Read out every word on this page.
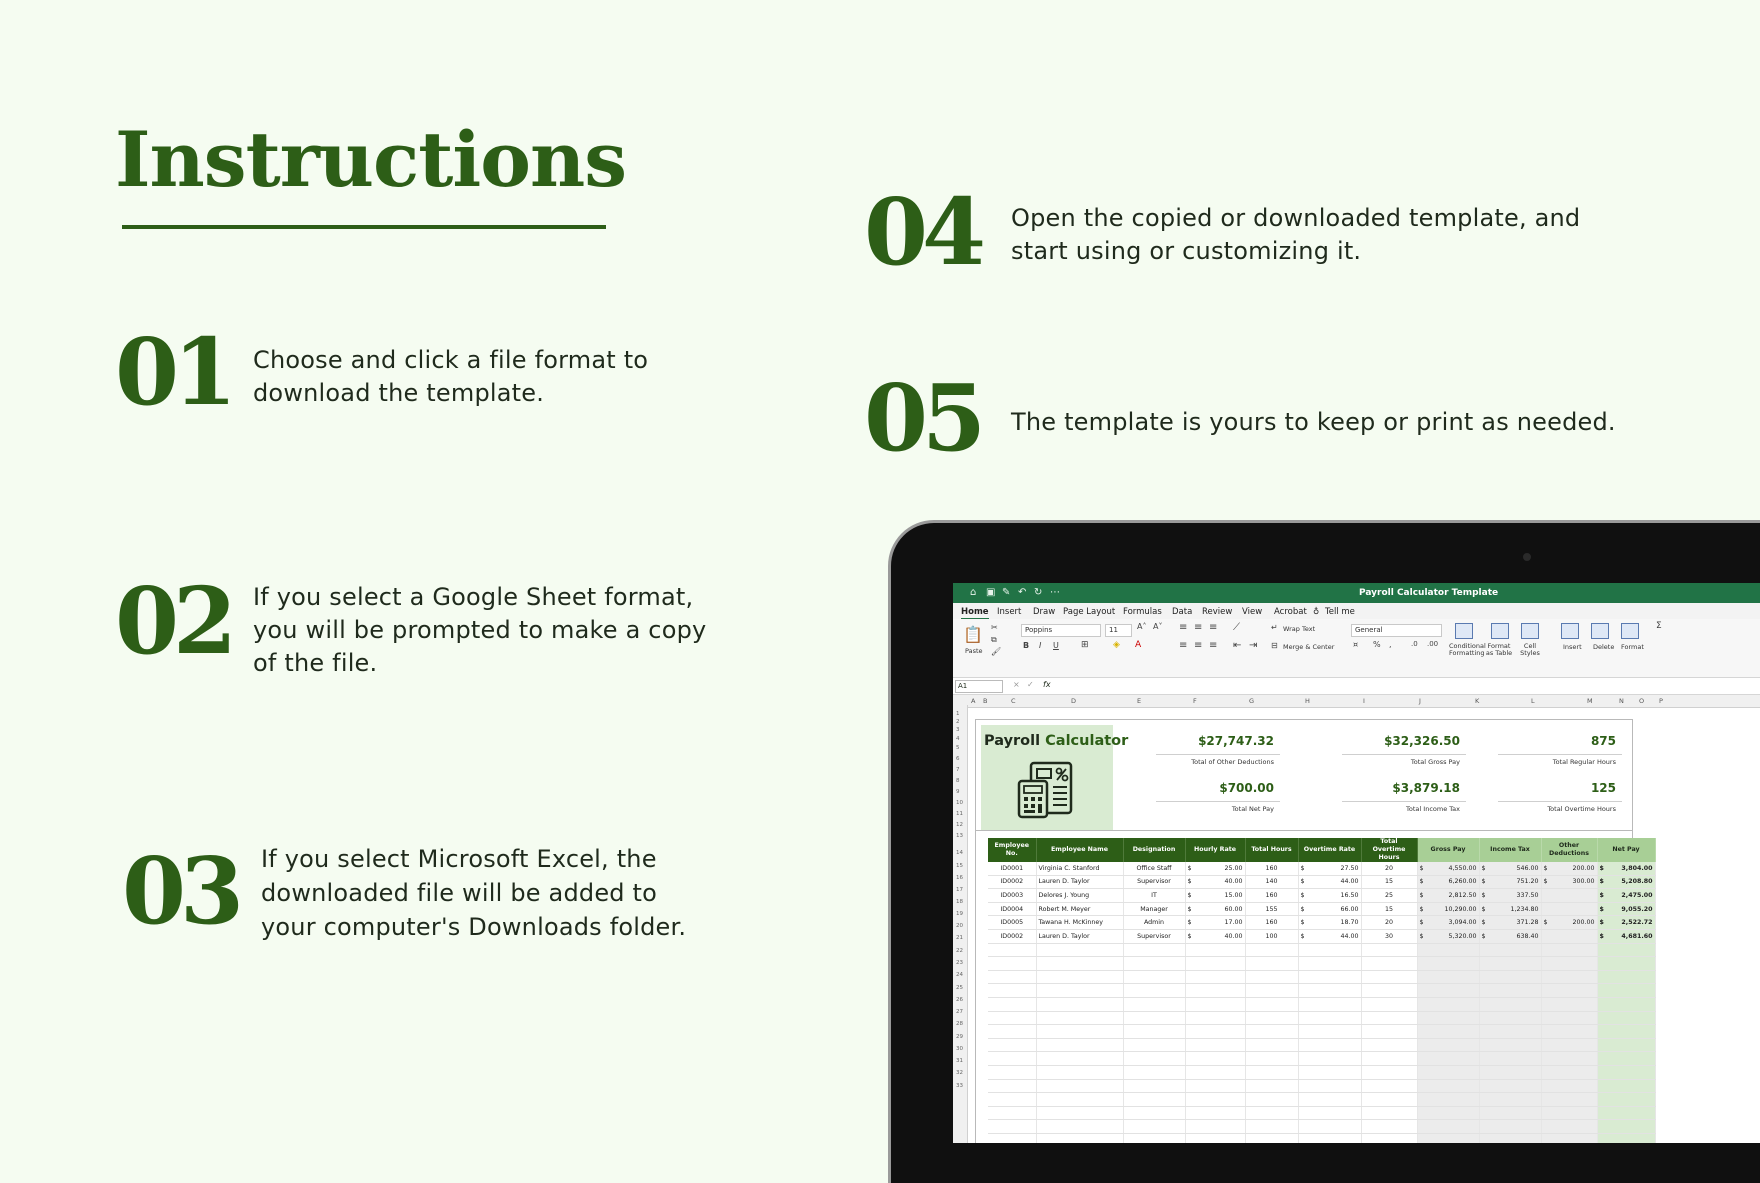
Instructions
01 Choose and click a file format to download the template.
02 If you select a Google Sheet format, you will be prompted to make a copy of the file.
03 If you select Microsoft Excel, the downloaded file will be added to your computer's Downloads folder.
04 Open the copied or downloaded template, and start using or customizing it.
05 The template is yours to keep or print as needed.
⌂ ▣ ✎ ↶ ↻ ⋯	Payroll Calculator Template
Home Insert Draw Page Layout Formulas Data Review View Acrobat ♁ Tell me
📋
Paste
✂
⧉
🖌
Poppins	11	A˄ A˅
B I U ⊞	◈ A
≡ ≡ ≡
≡ ≡ ≡
⟋
⇤ ⇥
↵ Wrap Text
⊟ Merge & Center
General
¤ % ,	.0 .00 Conditional Formatting
Format as Table
Cell Styles
Insert Delete Format
Σ
A1	× ✓ fx
A B	C	D	E	F	G	H	I	J	K	L	M	N O P
1
2
3
4
5
6
7
8
9
10
11
12
13
14
15
16
17
18
19
20
21
22
23
24
25
26
27
28
29
30
31
32
33
Payroll Calculator	$27,747.32
Total of Other Deductions
$32,326.50
Total Gross Pay
875
Total Regular Hours
$700.00
Total Net Pay
$3,879.18
Total Income Tax
125
Total Overtime Hours
Employee No.	Employee Name	Designation	Hourly Rate	Total Hours	Overtime Rate	Total Overtime Hours	Gross Pay	Income Tax	Other Deductions	Net Pay
ID0001	Virginia C. Stanford	Office Staff	$ 25.00	160	$ 27.50	20	$ 4,550.00	$ 546.00	$ 200.00	$ 3,804.00
ID0002	Lauren D. Taylor	Supervisor	$ 40.00	140	$ 44.00	15	$ 6,260.00	$ 751.20	$ 300.00	$ 5,208.80
ID0003	Delores J. Young	IT	$ 15.00	160	$ 16.50	25	$ 2,812.50	$ 337.50		$ 2,475.00
ID0004	Robert M. Meyer	Manager	$ 60.00	155	$ 66.00	15	$ 10,290.00	$ 1,234.80		$ 9,055.20
ID0005	Tawana H. McKinney	Admin	$ 17.00	160	$ 18.70	20	$ 3,094.00	$ 371.28	$ 200.00	$ 2,522.72
ID0002	Lauren D. Taylor	Supervisor	$ 40.00	100	$ 44.00	30	$ 5,320.00	$ 638.40		$ 4,681.60
